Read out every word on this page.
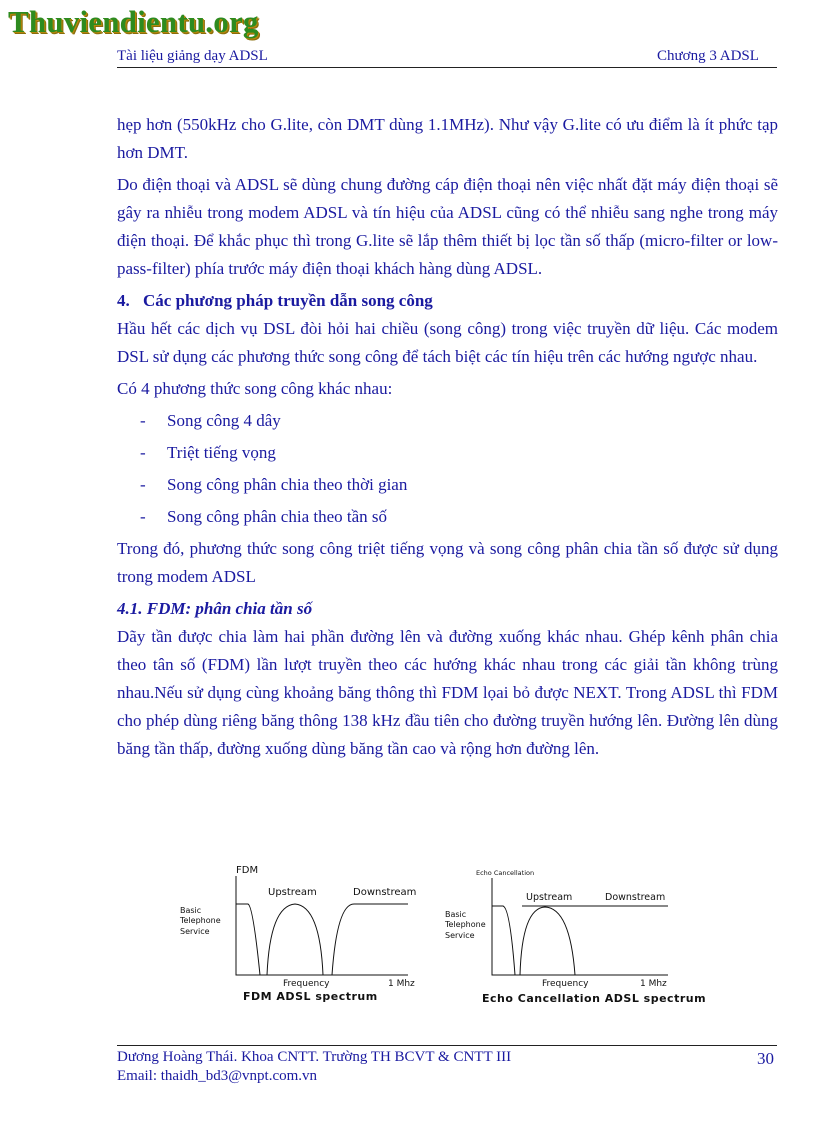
Thuviendientu.org
Tài liệu giảng dạy ADSL	Chương 3 ADSL

hẹp hơn (550kHz cho G.lite, còn DMT dùng 1.1MHz). Như vậy G.lite có ưu điểm là ít phức tạp hơn DMT.

Do điện thoại và ADSL sẽ dùng chung đường cáp điện thoại nên việc nhất đặt máy điện thoại sẽ gây ra nhiễu trong modem ADSL và tín hiệu của ADSL cũng có thể nhiễu sang nghe trong máy điện thoại. Để khắc phục thì trong G.lite sẽ lắp thêm thiết bị lọc tần số thấp (micro-filter or low-pass-filter) phía trước máy điện thoại khách hàng dùng ADSL.

4. Các phương pháp truyền dẫn song công

Hầu hết các dịch vụ DSL đòi hỏi hai chiều (song công) trong việc truyền dữ liệu. Các modem DSL sử dụng các phương thức song công để tách biệt các tín hiệu trên các hướng ngược nhau.

Có 4 phương thức song công khác nhau:

- Song công 4 dây
- Triệt tiếng vọng
- Song công phân chia theo thời gian
- Song công phân chia theo tần số

Trong đó, phương thức song công triệt tiếng vọng và song công phân chia tần số được sử dụng trong modem ADSL

4.1. FDM: phân chia tần số

Dãy tần được chia làm hai phần đường lên và đường xuống khác nhau. Ghép kênh phân chia theo tân số (FDM) lần lượt truyền theo các hướng khác nhau trong các giải tần không trùng nhau.Nếu sử dụng cùng khoảng băng thông thì FDM lọai bỏ được NEXT. Trong ADSL thì FDM cho phép dùng riêng băng thông 138 kHz đầu tiên cho đường truyền hướng lên. Đường lên dùng băng tần thấp, đường xuống dùng băng tần cao và rộng hơn đường lên.

FDM
Upstream	Downstream
Basic
Telephone
Service
Frequency	1 Mhz
FDM ADSL spectrum
Echo Cancellation
Upstream	Downstream
Basic
Telephone
Service
Frequency	1 Mhz
Echo Cancellation ADSL spectrum
Dương Hoàng Thái. Khoa CNTT. Trường TH BCVT & CNTT III
Email: thaidh_bd3@vnpt.com.vn
30
